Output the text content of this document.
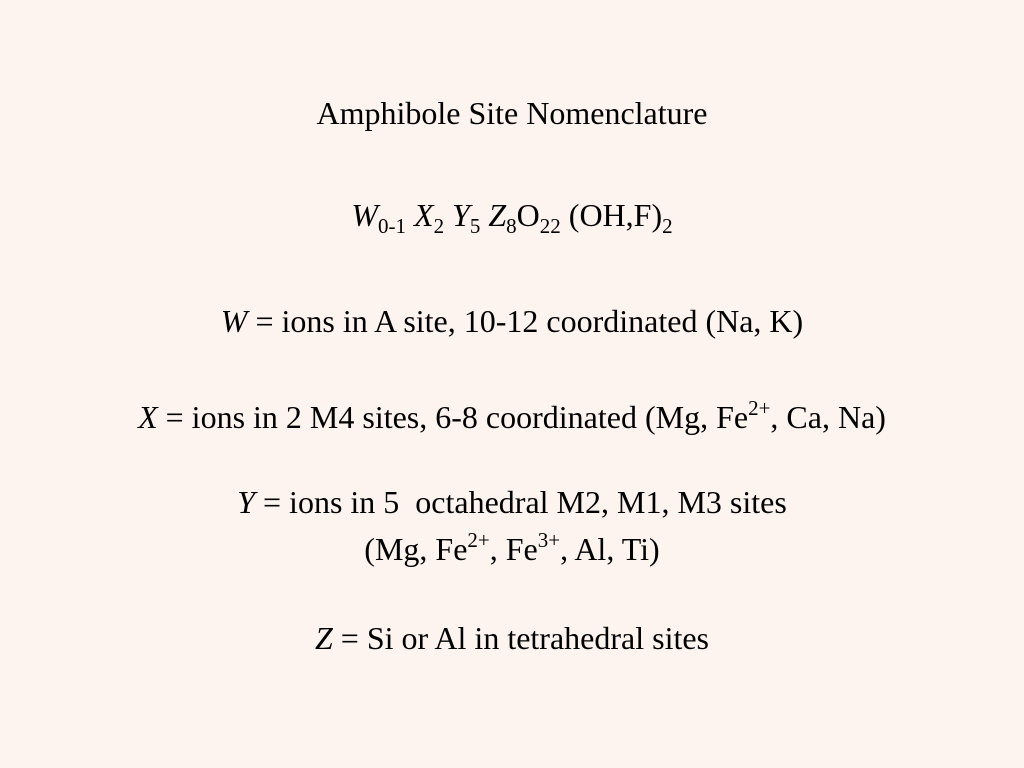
Amphibole Site Nomenclature
$W_{0-1}$ $X_2$ $Y_5$ $Z_8O_{22}$ $(OH,F)_2$
W = ions in A site, 10-12 coordinated (Na, K)
X = ions in 2 M4 sites, 6-8 coordinated (Mg, $Fe^{2+}$, Ca, Na)
Y = ions in 5  octahedral M2, M1, M3 sites
(Mg, $Fe^{2+}$, $Fe^{3+}$, Al, Ti)
Z = Si or Al in tetrahedral sites
